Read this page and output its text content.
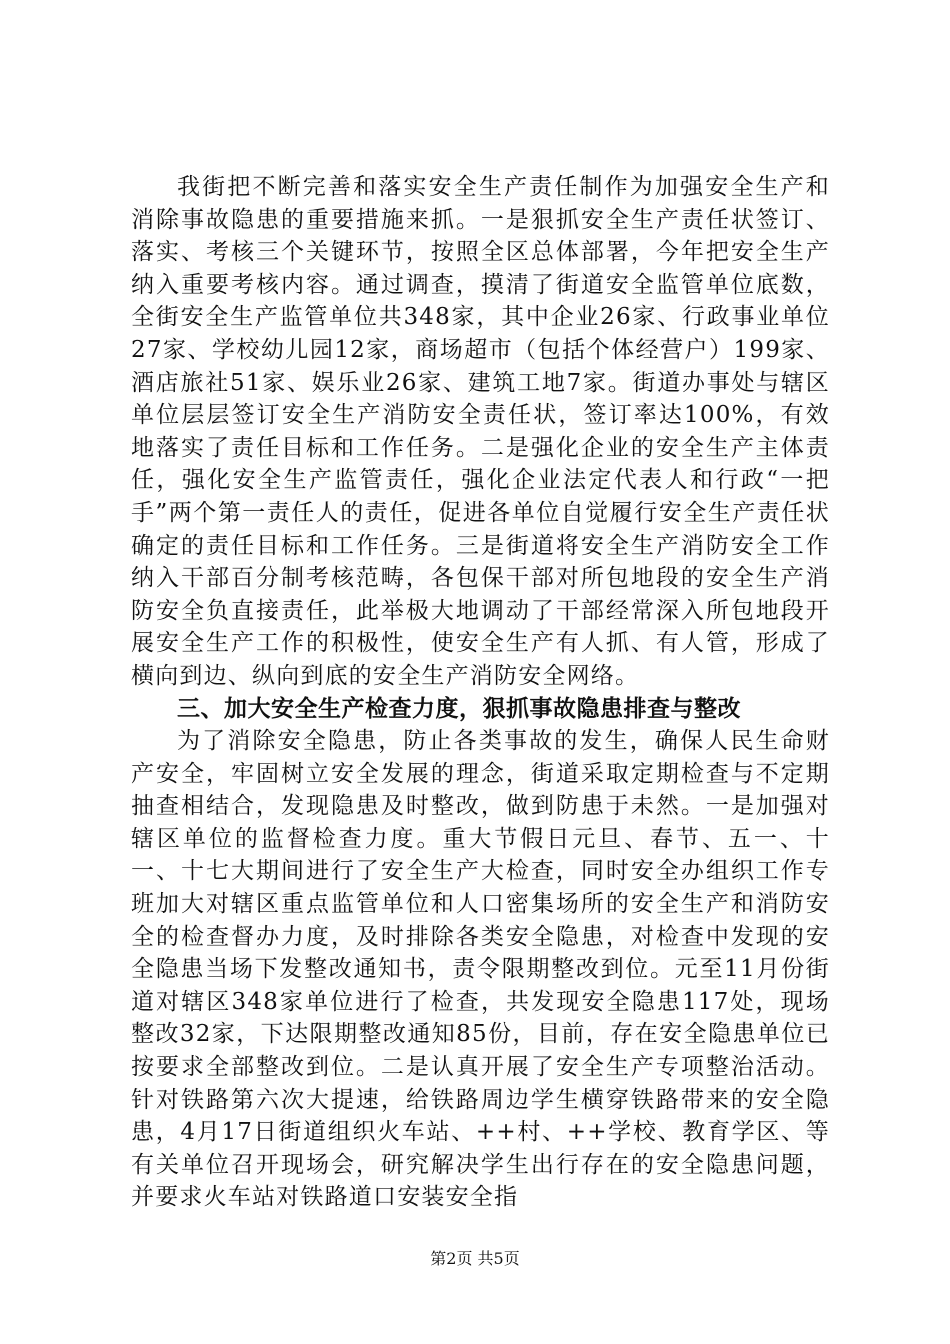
我街把不断完善和落实安全生产责任制作为加强安全生产和消除事故隐患的重要措施来抓。一是狠抓安全生产责任状签订、落实、考核三个关键环节，按照全区总体部署，今年把安全生产纳入重要考核内容。通过调查，摸清了街道安全监管单位底数，全街安全生产监管单位共348家，其中企业26家、行政事业单位27家、学校幼儿园12家，商场超市（包括个体经营户）199家、酒店旅社51家、娱乐业26家、建筑工地7家。街道办事处与辖区单位层层签订安全生产消防安全责任状，签订率达100%，有效地落实了责任目标和工作任务。二是强化企业的安全生产主体责任，强化安全生产监管责任，强化企业法定代表人和行政“一把手”两个第一责任人的责任，促进各单位自觉履行安全生产责任状确定的责任目标和工作任务。三是街道将安全生产消防安全工作纳入干部百分制考核范畴，各包保干部对所包地段的安全生产消防安全负直接责任，此举极大地调动了干部经常深入所包地段开展安全生产工作的积极性，使安全生产有人抓、有人管，形成了横向到边、纵向到底的安全生产消防安全网络。

三、加大安全生产检查力度，狠抓事故隐患排查与整改

为了消除安全隐患，防止各类事故的发生，确保人民生命财产安全，牢固树立安全发展的理念，街道采取定期检查与不定期抽查相结合，发现隐患及时整改，做到防患于未然。一是加强对辖区单位的监督检查力度。重大节假日元旦、春节、五一、十一、十七大期间进行了安全生产大检查，同时安全办组织工作专班加大对辖区重点监管单位和人口密集场所的安全生产和消防安全的检查督办力度，及时排除各类安全隐患，对检查中发现的安全隐患当场下发整改通知书，责令限期整改到位。元至11月份街道对辖区348家单位进行了检查，共发现安全隐患117处，现场整改32家，下达限期整改通知85份，目前，存在安全隐患单位已按要求全部整改到位。二是认真开展了安全生产专项整治活动。针对铁路第六次大提速，给铁路周边学生横穿铁路带来的安全隐患，4月17日街道组织火车站、++村、++学校、教育学区、等有关单位召开现场会，研究解决学生出行存在的安全隐患问题，并要求火车站对铁路道口安装安全指

第2页 共5页
